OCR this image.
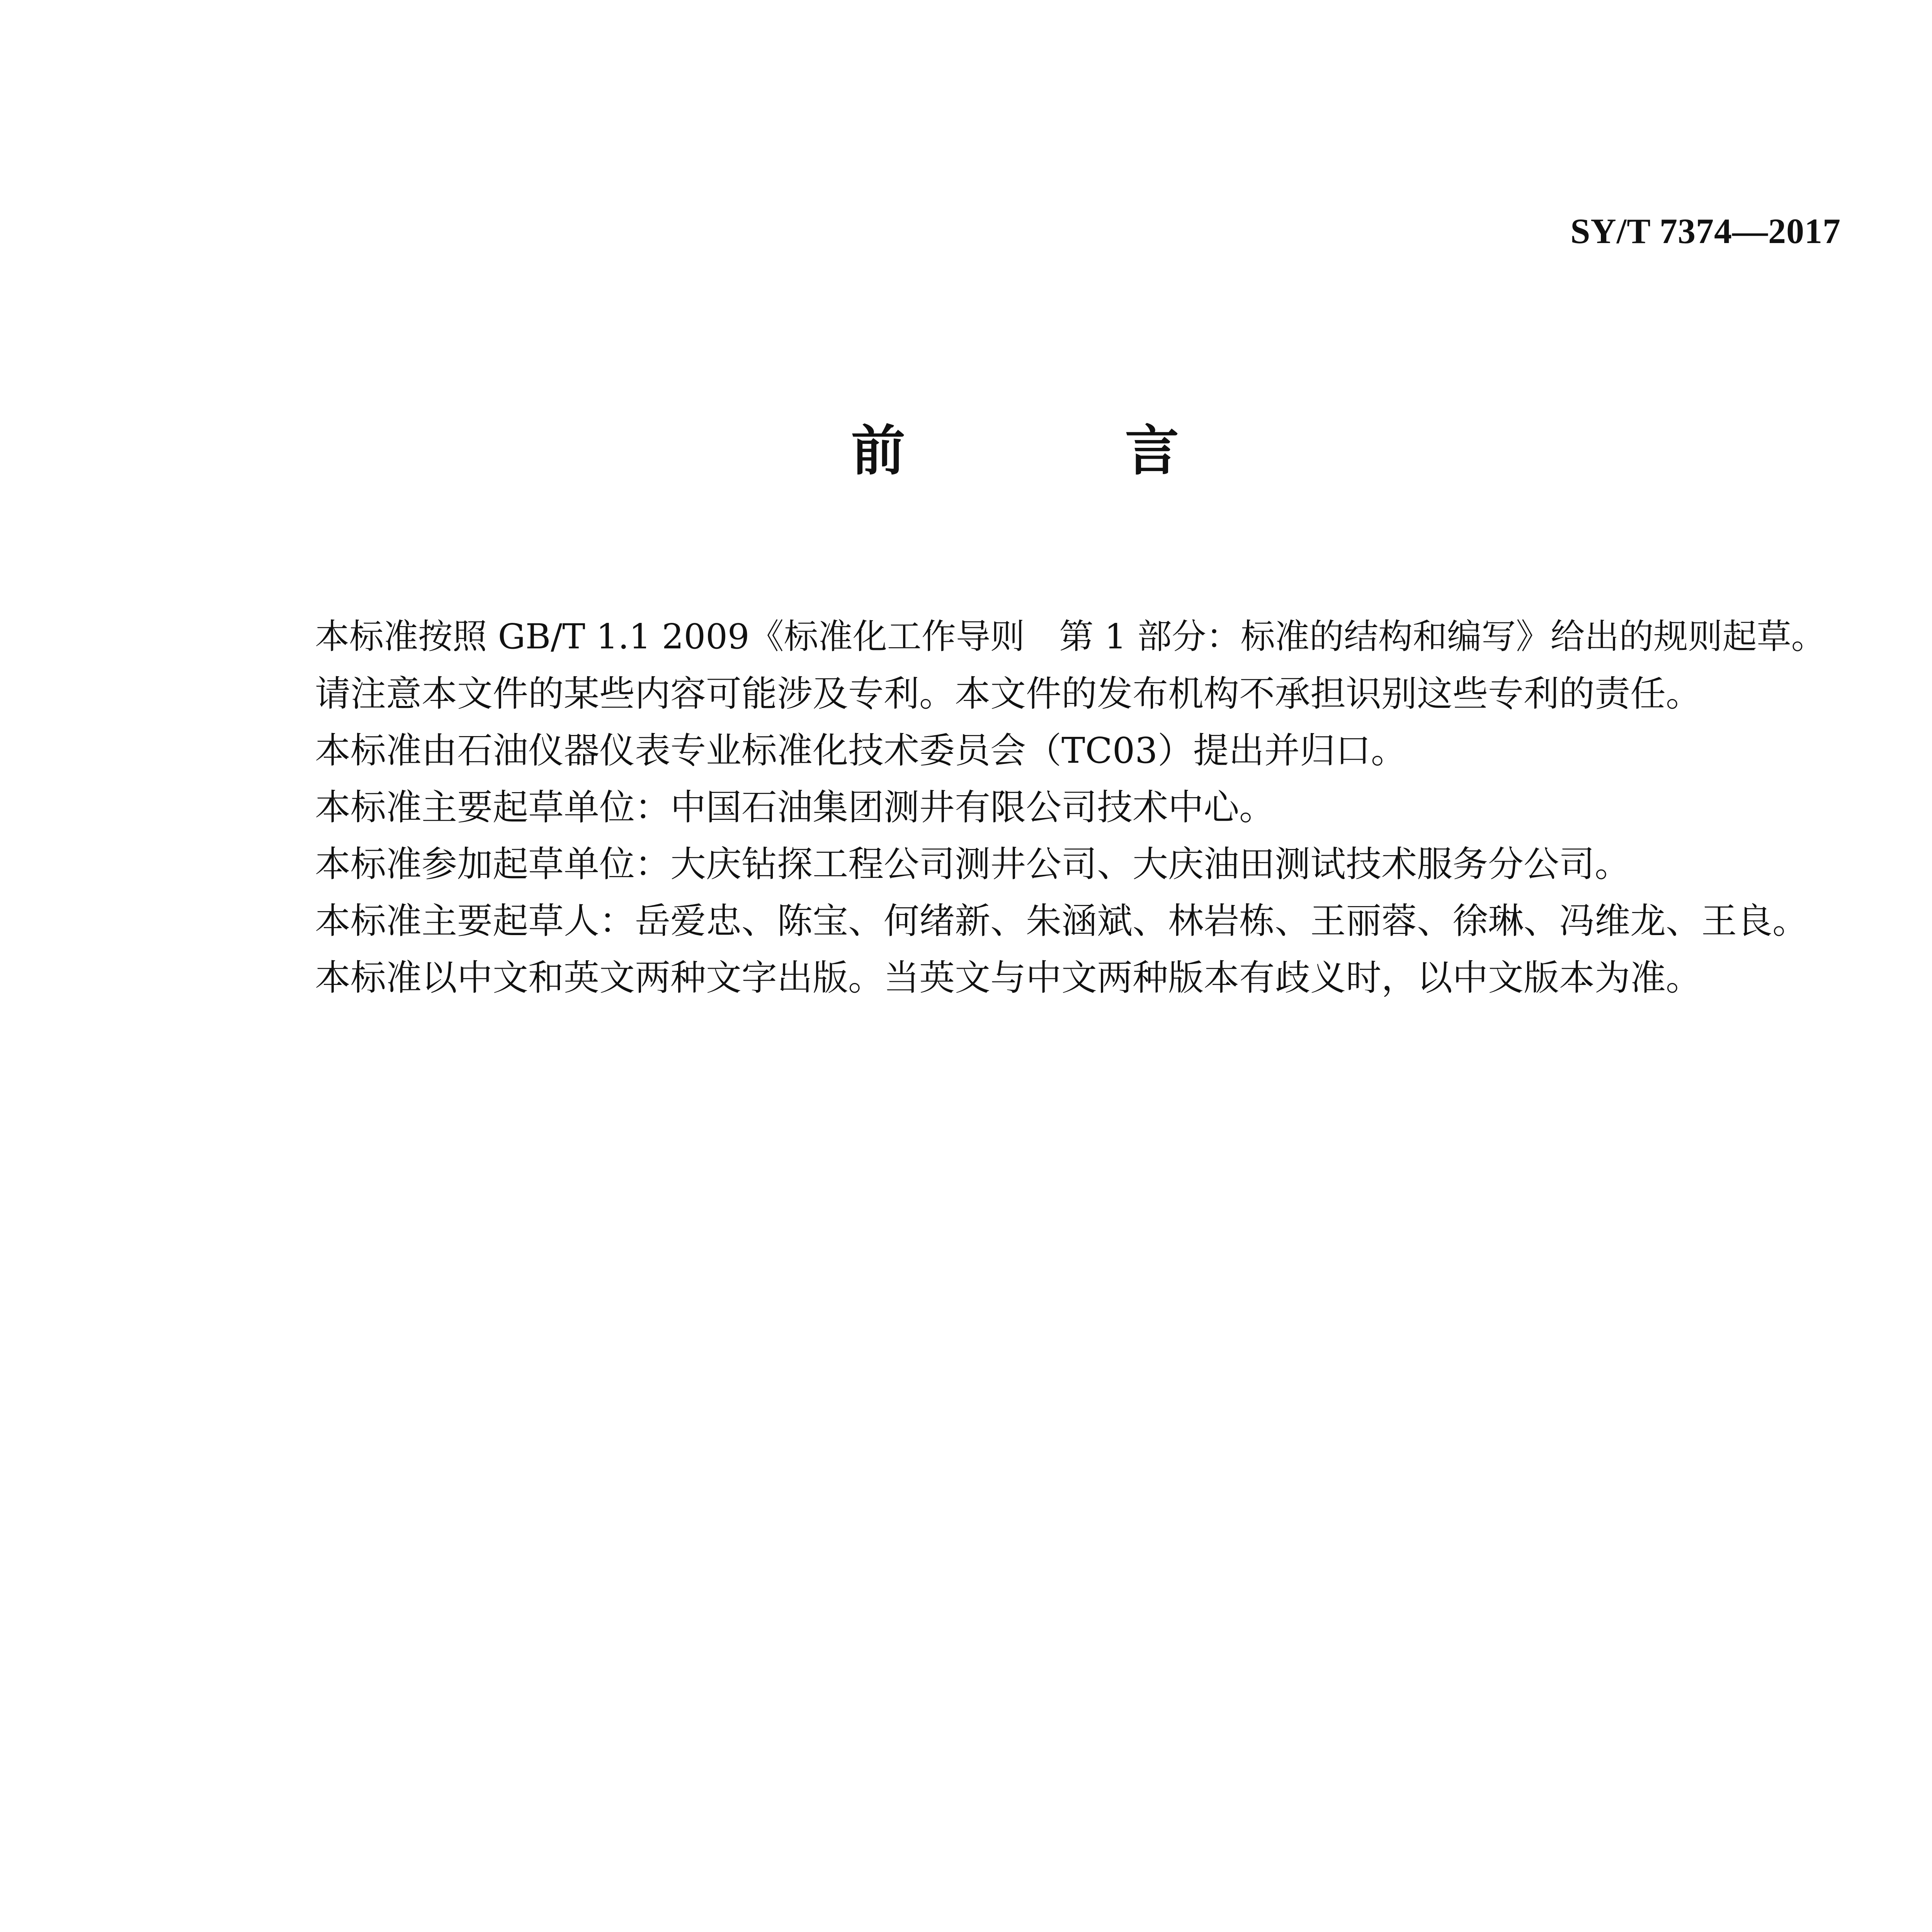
SY/T 7374—2017
前 言
本标准按照 GB/T 1.1 2009《标准化工作导则　第 1 部分：标准的结构和编写》给出的规则起草。
请注意本文件的某些内容可能涉及专利。本文件的发布机构不承担识别这些专利的责任。
本标准由石油仪器仪表专业标准化技术委员会（TC03）提出并归口。
本标准主要起草单位：中国石油集团测井有限公司技术中心。
本标准参加起草单位：大庆钻探工程公司测井公司、大庆油田测试技术服务分公司。
本标准主要起草人：岳爱忠、陈宝、何绪新、朱涵斌、林岩栋、王丽蓉、徐琳、冯维龙、王良。
本标准以中文和英文两种文字出版。当英文与中文两种版本有歧义时，以中文版本为准。
